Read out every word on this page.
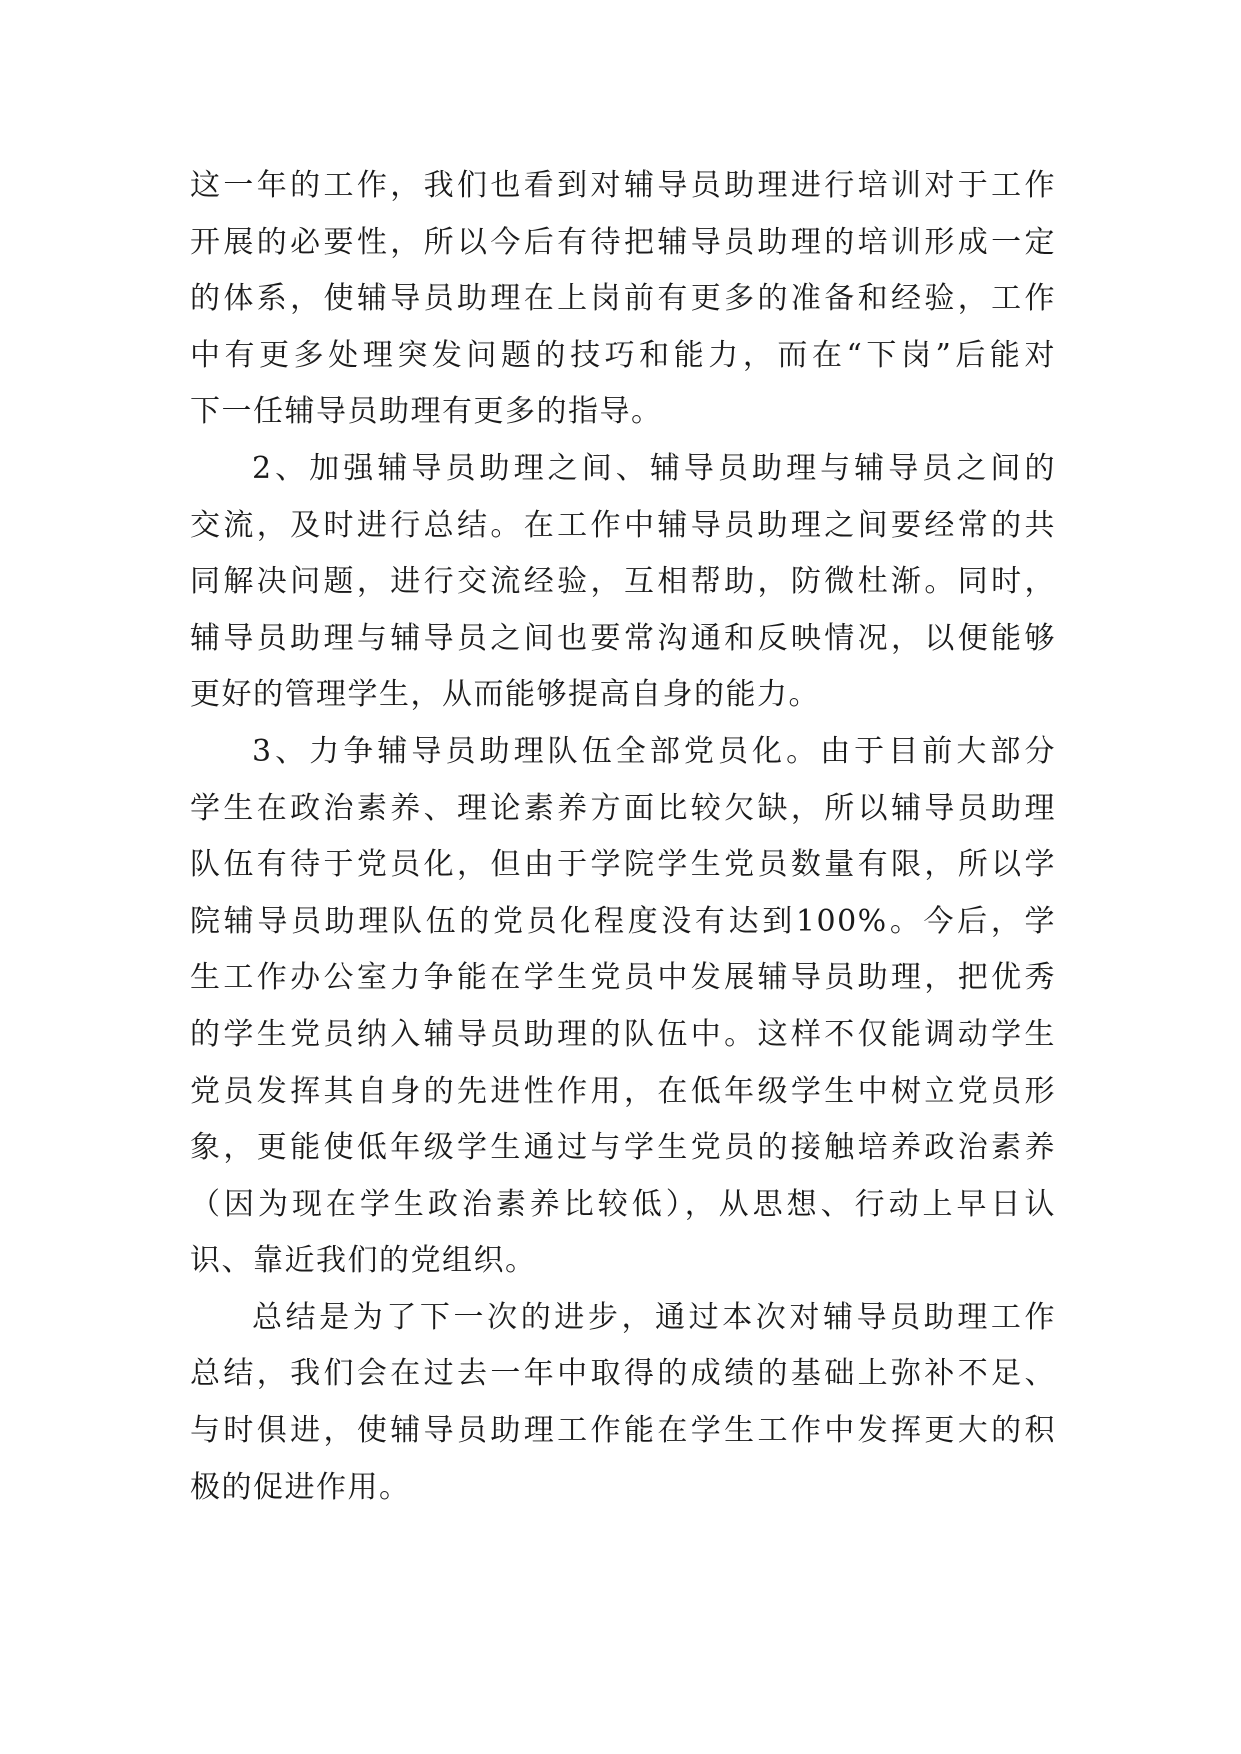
这一年的工作，我们也看到对辅导员助理进行培训对于工作
开展的必要性，所以今后有待把辅导员助理的培训形成一定
的体系，使辅导员助理在上岗前有更多的准备和经验，工作
中有更多处理突发问题的技巧和能力，而在“下岗”后能对
下一任辅导员助理有更多的指导。
2、加强辅导员助理之间、辅导员助理与辅导员之间的
交流，及时进行总结。在工作中辅导员助理之间要经常的共
同解决问题，进行交流经验，互相帮助，防微杜渐。同时，
辅导员助理与辅导员之间也要常沟通和反映情况，以便能够
更好的管理学生，从而能够提高自身的能力。
3、力争辅导员助理队伍全部党员化。由于目前大部分
学生在政治素养、理论素养方面比较欠缺，所以辅导员助理
队伍有待于党员化，但由于学院学生党员数量有限，所以学
院辅导员助理队伍的党员化程度没有达到100%。今后，学
生工作办公室力争能在学生党员中发展辅导员助理，把优秀
的学生党员纳入辅导员助理的队伍中。这样不仅能调动学生
党员发挥其自身的先进性作用，在低年级学生中树立党员形
象，更能使低年级学生通过与学生党员的接触培养政治素养
（因为现在学生政治素养比较低），从思想、行动上早日认
识、靠近我们的党组织。
总结是为了下一次的进步，通过本次对辅导员助理工作
总结，我们会在过去一年中取得的成绩的基础上弥补不足、
与时俱进，使辅导员助理工作能在学生工作中发挥更大的积
极的促进作用。
